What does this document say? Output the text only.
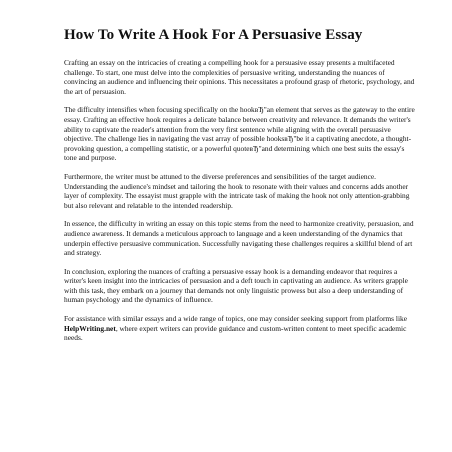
How To Write A Hook For A Persuasive Essay

Crafting an essay on the intricacies of creating a compelling hook for a persuasive essay presents a multifaceted challenge. To start, one must delve into the complexities of persuasive writing, understanding the nuances of convincing an audience and influencing their opinions. This necessitates a profound grasp of rhetoric, psychology, and the art of persuasion.

The difficulty intensifies when focusing specifically on the hookвЂ"an element that serves as the gateway to the entire essay. Crafting an effective hook requires a delicate balance between creativity and relevance. It demands the writer's ability to captivate the reader's attention from the very first sentence while aligning with the overall persuasive objective. The challenge lies in navigating the vast array of possible hooksвЂ"be it a captivating anecdote, a thought-provoking question, a compelling statistic, or a powerful quoteвЂ"and determining which one best suits the essay's tone and purpose.

Furthermore, the writer must be attuned to the diverse preferences and sensibilities of the target audience. Understanding the audience's mindset and tailoring the hook to resonate with their values and concerns adds another layer of complexity. The essayist must grapple with the intricate task of making the hook not only attention-grabbing but also relevant and relatable to the intended readership.

In essence, the difficulty in writing an essay on this topic stems from the need to harmonize creativity, persuasion, and audience awareness. It demands a meticulous approach to language and a keen understanding of the dynamics that underpin effective persuasive communication. Successfully navigating these challenges requires a skillful blend of art and strategy.

In conclusion, exploring the nuances of crafting a persuasive essay hook is a demanding endeavor that requires a writer's keen insight into the intricacies of persuasion and a deft touch in captivating an audience. As writers grapple with this task, they embark on a journey that demands not only linguistic prowess but also a deep understanding of human psychology and the dynamics of influence.

For assistance with similar essays and a wide range of topics, one may consider seeking support from platforms like HelpWriting.net, where expert writers can provide guidance and custom-written content to meet specific academic needs.
